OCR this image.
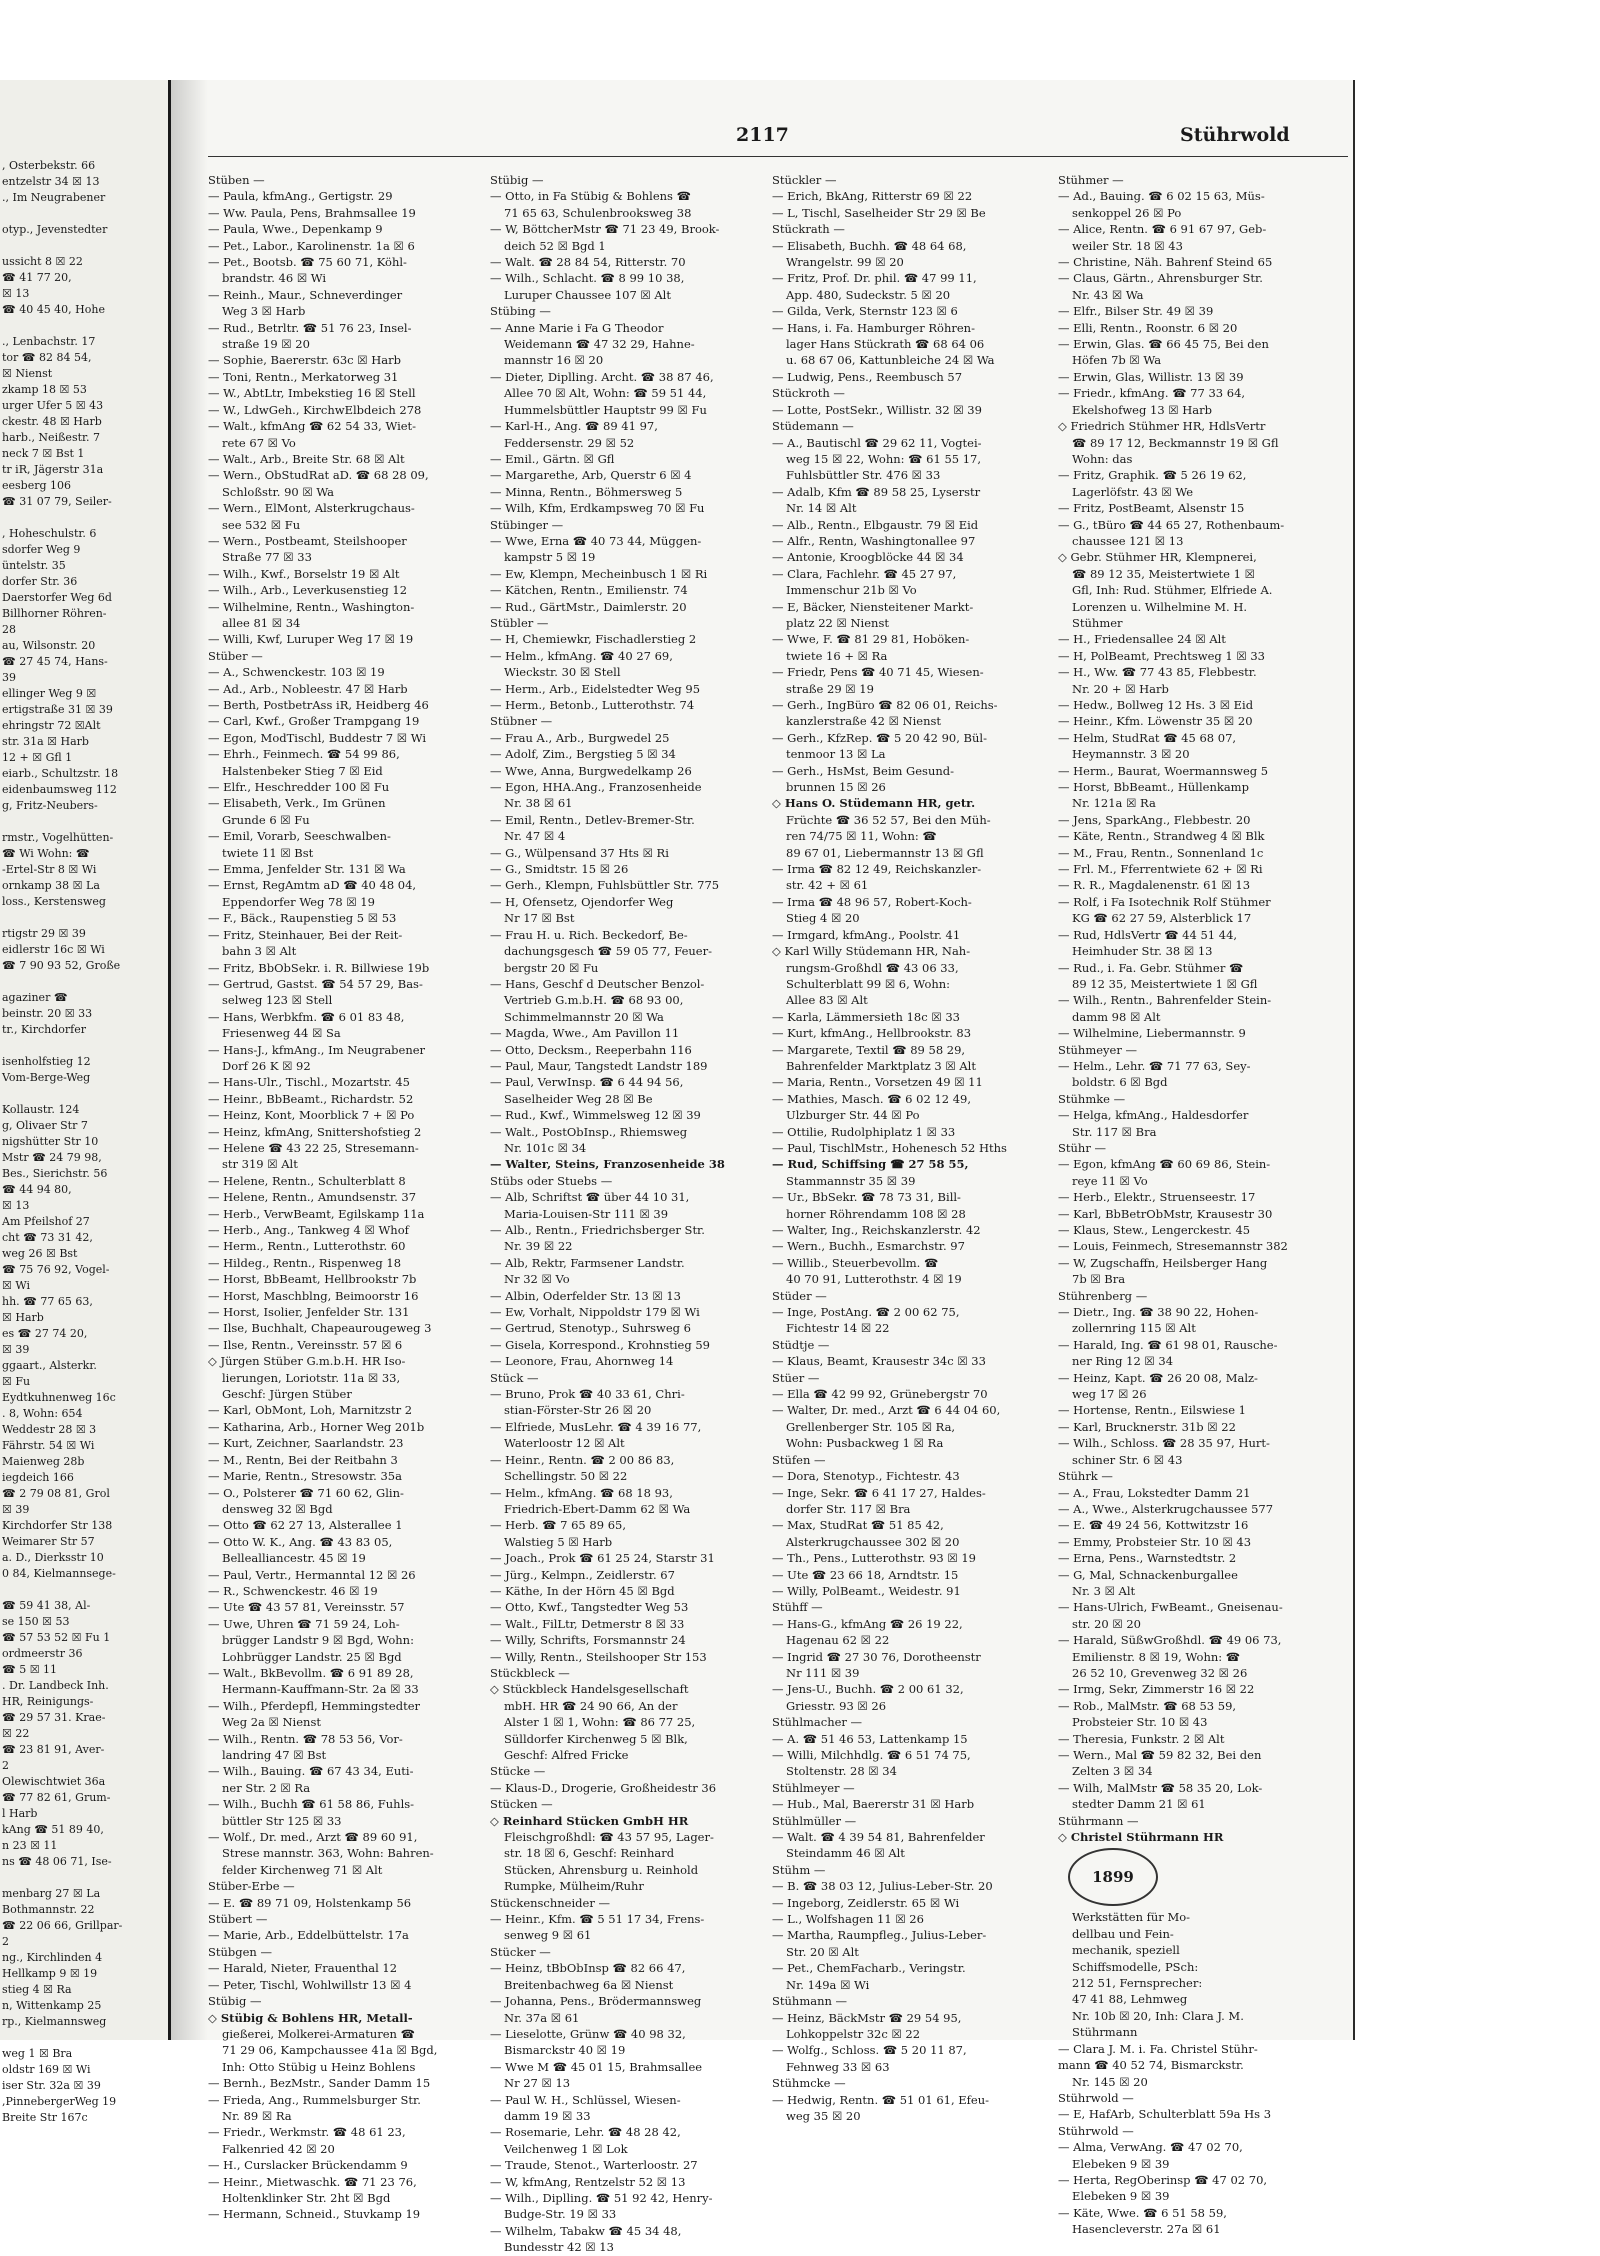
, Osterbekstr. 66
entzelstr 34 ☒ 13
., Im Neugrabener

otyp., Jevenstedter

ussicht 8 ☒ 22
☎ 41 77 20,
☒ 13
☎ 40 45 40, Hohe

., Lenbachstr. 17
tor ☎ 82 84 54,
☒ Nienst
zkamp 18 ☒ 53
urger Ufer 5 ☒ 43
ckestr. 48 ☒ Harb
harb., Neißestr. 7
neck 7 ☒ Bst 1
tr iR, Jägerstr 31a
eesberg 106
☎ 31 07 79, Seiler-

, Hoheschulstr. 6
sdorfer Weg 9
üntelstr. 35
dorfer Str. 36
Daerstorfer Weg 6d
Billhorner Röhren-
28
au, Wilsonstr. 20
☎ 27 45 74, Hans-
39
ellinger Weg 9 ☒
ertigstraße 31 ☒ 39
ehringstr 72 ☒Alt
str. 31a ☒ Harb
12 + ☒ Gfl 1
eiarb., Schultzstr. 18
eidenbaumsweg 112
g, Fritz-Neubers-

rmstr., Vogelhütten-
☎ Wi Wohn: ☎
-Ertel-Str 8 ☒ Wi
ornkamp 38 ☒ La
loss., Kerstensweg

rtigstr 29 ☒ 39
eidlerstr 16c ☒ Wi
☎ 7 90 93 52, Große

agaziner ☎
beinstr. 20 ☒ 33
tr., Kirchdorfer

isenholfstieg 12
Vom-Berge-Weg

Kollaustr. 124
g, Olivaer Str 7
nigshütter Str 10
Mstr ☎ 24 79 98,
Bes., Sierichstr. 56
☎ 44 94 80,
☒ 13
Am Pfeilshof 27
cht ☎ 73 31 42,
weg 26 ☒ Bst
☎ 75 76 92, Vogel-
☒ Wi
hh. ☎ 77 65 63,
☒ Harb
es ☎ 27 74 20,
☒ 39
ggaart., Alsterkr.
☒ Fu
Eydtkuhnenweg 16c
. 8, Wohn: 654
Weddestr 28 ☒ 3
Fährstr. 54 ☒ Wi
Maienweg 28b
iegdeich 166
☎ 2 79 08 81, Grol
☒ 39
Kirchdorfer Str 138
Weimarer Str 57
a. D., Dierksstr 10
0 84, Kielmannsege-

☎ 59 41 38, Al-
se 150 ☒ 53
☎ 57 53 52 ☒ Fu 1
ordmeerstr 36
☎ 5 ☒ 11
. Dr. Landbeck Inh.
HR, Reinigungs-
☎ 29 57 31. Krae-
☒ 22
☎ 23 81 91, Aver-
2
Olewischtwiet 36a
☎ 77 82 61, Grum-
l Harb
kAng ☎ 51 89 40,
n 23 ☒ 11
ns ☎ 48 06 71, Ise-

menbarg 27 ☒ La
Bothmannstr. 22
☎ 22 06 66, Grillpar-
2
ng., Kirchlinden 4
Hellkamp 9 ☒ 19
stieg 4 ☒ Ra
n, Wittenkamp 25
rp., Kielmannsweg

weg 1 ☒ Bra
oldstr 169 ☒ Wi
iser Str. 32a ☒ 39
,PinnebergerWeg 19
Breite Str 167c
2117	Stührwold
Stüben —
— Paula, kfmAng., Gertigstr. 29
— Ww. Paula, Pens, Brahmsallee 19
— Paula, Wwe., Depenkamp 9
— Pet., Labor., Karolinenstr. 1a ☒ 6
— Pet., Bootsb. ☎ 75 60 71, Köhl-
brandstr. 46 ☒ Wi
— Reinh., Maur., Schneverdinger
Weg 3 ☒ Harb
— Rud., Betrltr. ☎ 51 76 23, Insel-
straße 19 ☒ 20
— Sophie, Baererstr. 63c ☒ Harb
— Toni, Rentn., Merkatorweg 31
— W., AbtLtr, Imbekstieg 16 ☒ Stell
— W., LdwGeh., KirchwElbdeich 278
— Walt., kfmAng ☎ 62 54 33, Wiet-
rete 67 ☒ Vo
— Walt., Arb., Breite Str. 68 ☒ Alt
— Wern., ObStudRat aD. ☎ 68 28 09,
Schloßstr. 90 ☒ Wa
— Wern., ElMont, Alsterkrugchaus-
see 532 ☒ Fu
— Wern., Postbeamt, Steilshooper
Straße 77 ☒ 33
— Wilh., Kwf., Borselstr 19 ☒ Alt
— Wilh., Arb., Leverkusenstieg 12
— Wilhelmine, Rentn., Washington-
allee 81 ☒ 34
— Willi, Kwf, Luruper Weg 17 ☒ 19
Stüber —
— A., Schwenckestr. 103 ☒ 19
— Ad., Arb., Nobleestr. 47 ☒ Harb
— Berth, PostbetrAss iR, Heidberg 46
— Carl, Kwf., Großer Trampgang 19
— Egon, ModTischl, Buddestr 7 ☒ Wi
— Ehrh., Feinmech. ☎ 54 99 86,
Halstenbeker Stieg 7 ☒ Eid
— Elfr., Heschredder 100 ☒ Fu
— Elisabeth, Verk., Im Grünen
Grunde 6 ☒ Fu
— Emil, Vorarb, Seeschwalben-
twiete 11 ☒ Bst
— Emma, Jenfelder Str. 131 ☒ Wa
— Ernst, RegAmtm aD ☎ 40 48 04,
Eppendorfer Weg 78 ☒ 19
— F., Bäck., Raupenstieg 5 ☒ 53
— Fritz, Steinhauer, Bei der Reit-
bahn 3 ☒ Alt
— Fritz, BbObSekr. i. R. Billwiese 19b
— Gertrud, Gastst. ☎ 54 57 29, Bas-
selweg 123 ☒ Stell
— Hans, Werbkfm. ☎ 6 01 83 48,
Friesenweg 44 ☒ Sa
— Hans-J., kfmAng., Im Neugrabener
Dorf 26 K ☒ 92
— Hans-Ulr., Tischl., Mozartstr. 45
— Heinr., BbBeamt., Richardstr. 52
— Heinz, Kont, Moorblick 7 + ☒ Po
— Heinz, kfmAng, Snittershofstieg 2
— Helene ☎ 43 22 25, Stresemann-
str 319 ☒ Alt
— Helene, Rentn., Schulterblatt 8
— Helene, Rentn., Amundsenstr. 37
— Herb., VerwBeamt, Egilskamp 11a
— Herb., Ang., Tankweg 4 ☒ Whof
— Herm., Rentn., Lutterothstr. 60
— Hildeg., Rentn., Rispenweg 18
— Horst, BbBeamt, Hellbrookstr 7b
— Horst, Maschblng, Beimoorstr 16
— Horst, Isolier, Jenfelder Str. 131
— Ilse, Buchhalt, Chapeaurougeweg 3
— Ilse, Rentn., Vereinsstr. 57 ☒ 6
◇ Jürgen Stüber G.m.b.H. HR Iso-
lierungen, Loriotstr. 11a ☒ 33,
Geschf: Jürgen Stüber
— Karl, ObMont, Loh, Marnitzstr 2
— Katharina, Arb., Horner Weg 201b
— Kurt, Zeichner, Saarlandstr. 23
— M., Rentn, Bei der Reitbahn 3
— Marie, Rentn., Stresowstr. 35a
— O., Polsterer ☎ 71 60 62, Glin-
densweg 32 ☒ Bgd
— Otto ☎ 62 27 13, Alsterallee 1
— Otto W. K., Ang. ☎ 43 83 05,
Bellealliancestr. 45 ☒ 19
— Paul, Vertr., Hermanntal 12 ☒ 26
— R., Schwenckestr. 46 ☒ 19
— Ute ☎ 43 57 81, Vereinsstr. 57
— Uwe, Uhren ☎ 71 59 24, Loh-
brügger Landstr 9 ☒ Bgd, Wohn:
Lohbrügger Landstr. 25 ☒ Bgd
— Walt., BkBevollm. ☎ 6 91 89 28,
Hermann-Kauffmann-Str. 2a ☒ 33
— Wilh., Pferdepfl, Hemmingstedter
Weg 2a ☒ Nienst
— Wilh., Rentn. ☎ 78 53 56, Vor-
landring 47 ☒ Bst
— Wilh., Bauing. ☎ 67 43 34, Euti-
ner Str. 2 ☒ Ra
— Wilh., Buchh ☎ 61 58 86, Fuhls-
büttler Str 125 ☒ 33
— Wolf., Dr. med., Arzt ☎ 89 60 91,
Strese mannstr. 363, Wohn: Bahren-
felder Kirchenweg 71 ☒ Alt
Stüber-Erbe —
— E. ☎ 89 71 09, Holstenkamp 56
Stübert —
— Marie, Arb., Eddelbüttelstr. 17a
Stübgen —
— Harald, Nieter, Frauenthal 12
— Peter, Tischl, Wohlwillstr 13 ☒ 4
Stübig —
◇ Stübig & Bohlens HR, Metall-
gießerei, Molkerei-Armaturen ☎
71 29 06, Kampchaussee 41a ☒ Bgd,
Inh: Otto Stübig u Heinz Bohlens
— Bernh., BezMstr., Sander Damm 15
— Frieda, Ang., Rummelsburger Str.
Nr. 89 ☒ Ra
— Friedr., Werkmstr. ☎ 48 61 23,
Falkenried 42 ☒ 20
— H., Curslacker Brückendamm 9
— Heinr., Mietwaschk. ☎ 71 23 76,
Holtenklinker Str. 2ht ☒ Bgd
— Hermann, Schneid., Stuvkamp 19
Stübig —
— Otto, in Fa Stübig & Bohlens ☎
71 65 63, Schulenbrooksweg 38
— W, BöttcherMstr ☎ 71 23 49, Brook-
deich 52 ☒ Bgd 1
— Walt. ☎ 28 84 54, Ritterstr. 70
— Wilh., Schlacht. ☎ 8 99 10 38,
Luruper Chaussee 107 ☒ Alt
Stübing —
— Anne Marie i Fa G Theodor
Weidemann ☎ 47 32 29, Hahne-
mannstr 16 ☒ 20
— Dieter, Diplling. Archt. ☎ 38 87 46,
Allee 70 ☒ Alt, Wohn: ☎ 59 51 44,
Hummelsbüttler Hauptstr 99 ☒ Fu
— Karl-H., Ang. ☎ 89 41 97,
Feddersenstr. 29 ☒ 52
— Emil., Gärtn. ☒ Gfl
— Margarethe, Arb, Querstr 6 ☒ 4
— Minna, Rentn., Böhmersweg 5
— Wilh, Kfm, Erdkampsweg 70 ☒ Fu
Stübinger —
— Wwe, Erna ☎ 40 73 44, Müggen-
kampstr 5 ☒ 19
— Ew, Klempn, Mecheinbusch 1 ☒ Ri
— Kätchen, Rentn., Emilienstr. 74
— Rud., GärtMstr., Daimlerstr. 20
Stübler —
— H, Chemiewkr, Fischadlerstieg 2
— Helm., kfmAng. ☎ 40 27 69,
Wieckstr. 30 ☒ Stell
— Herm., Arb., Eidelstedter Weg 95
— Herm., Betonb., Lutterothstr. 74
Stübner —
— Frau A., Arb., Burgwedel 25
— Adolf, Zim., Bergstieg 5 ☒ 34
— Wwe, Anna, Burgwedelkamp 26
— Egon, HHA.Ang., Franzosenheide
Nr. 38 ☒ 61
— Emil, Rentn., Detlev-Bremer-Str.
Nr. 47 ☒ 4
— G., Wülpensand 37 Hts ☒ Ri
— G., Smidtstr. 15 ☒ 26
— Gerh., Klempn, Fuhlsbüttler Str. 775
— H, Ofensetz, Ojendorfer Weg
Nr 17 ☒ Bst
— Frau H. u. Rich. Beckedorf, Be-
dachungsgesch ☎ 59 05 77, Feuer-
bergstr 20 ☒ Fu
— Hans, Geschf d Deutscher Benzol-
Vertrieb G.m.b.H. ☎ 68 93 00,
Schimmelmannstr 20 ☒ Wa
— Magda, Wwe., Am Pavillon 11
— Otto, Decksm., Reeperbahn 116
— Paul, Maur, Tangstedt Landstr 189
— Paul, VerwInsp. ☎ 6 44 94 56,
Saselheider Weg 28 ☒ Be
— Rud., Kwf., Wimmelsweg 12 ☒ 39
— Walt., PostObInsp., Rhiemsweg
Nr. 101c ☒ 34
— Walter, Steins, Franzosenheide 38
Stübs oder Stuebs —
— Alb, Schriftst ☎ über 44 10 31,
Maria-Louisen-Str 111 ☒ 39
— Alb., Rentn., Friedrichsberger Str.
Nr. 39 ☒ 22
— Alb, Rektr, Farmsener Landstr.
Nr 32 ☒ Vo
— Albin, Oderfelder Str. 13 ☒ 13
— Ew, Vorhalt, Nippoldstr 179 ☒ Wi
— Gertrud, Stenotyp., Suhrsweg 6
— Gisela, Korrespond., Krohnstieg 59
— Leonore, Frau, Ahornweg 14
Stück —
— Bruno, Prok ☎ 40 33 61, Chri-
stian-Förster-Str 26 ☒ 20
— Elfriede, MusLehr. ☎ 4 39 16 77,
Waterloostr 12 ☒ Alt
— Heinr., Rentn. ☎ 2 00 86 83,
Schellingstr. 50 ☒ 22
— Helm., kfmAng. ☎ 68 18 93,
Friedrich-Ebert-Damm 62 ☒ Wa
— Herb. ☎ 7 65 89 65,
Walstieg 5 ☒ Harb
— Joach., Prok ☎ 61 25 24, Starstr 31
— Jürg., Kelmpn., Zeidlerstr. 67
— Käthe, In der Hörn 45 ☒ Bgd
— Otto, Kwf., Tangstedter Weg 53
— Walt., FilLtr, Detmerstr 8 ☒ 33
— Willy, Schrifts, Forsmannstr 24
— Willy, Rentn., Steilshooper Str 153
Stückbleck —
◇ Stückbleck Handelsgesellschaft
mbH. HR ☎ 24 90 66, An der
Alster 1 ☒ 1, Wohn: ☎ 86 77 25,
Sülldorfer Kirchenweg 5 ☒ Blk,
Geschf: Alfred Fricke
Stücke —
— Klaus-D., Drogerie, Großheidestr 36
Stücken —
◇ Reinhard Stücken GmbH HR
Fleischgroßhdl: ☎ 43 57 95, Lager-
str. 18 ☒ 6, Geschf: Reinhard
Stücken, Ahrensburg u. Reinhold
Rumpke, Mülheim/Ruhr
Stückenschneider —
— Heinr., Kfm. ☎ 5 51 17 34, Frens-
senweg 9 ☒ 61
Stücker —
— Heinz, tBbObInsp ☎ 82 66 47,
Breitenbachweg 6a ☒ Nienst
— Johanna, Pens., Brödermannsweg
Nr. 37a ☒ 61
— Lieselotte, Grünw ☎ 40 98 32,
Bismarckstr 40 ☒ 19
— Wwe M ☎ 45 01 15, Brahmsallee
Nr 27 ☒ 13
— Paul W. H., Schlüssel, Wiesen-
damm 19 ☒ 33
— Rosemarie, Lehr. ☎ 48 28 42,
Veilchenweg 1 ☒ Lok
— Traude, Stenot., Warterloostr. 27
— W, kfmAng, Rentzelstr 52 ☒ 13
— Wilh., Diplling. ☎ 51 92 42, Henry-
Budge-Str. 19 ☒ 33
— Wilhelm, Tabakw ☎ 45 34 48,
Bundesstr 42 ☒ 13
Stückler —
— Erich, BkAng, Ritterstr 69 ☒ 22
— L, Tischl, Saselheider Str 29 ☒ Be
Stückrath —
— Elisabeth, Buchh. ☎ 48 64 68,
Wrangelstr. 99 ☒ 20
— Fritz, Prof. Dr. phil. ☎ 47 99 11,
App. 480, Sudeckstr. 5 ☒ 20
— Gilda, Verk, Sternstr 123 ☒ 6
— Hans, i. Fa. Hamburger Röhren-
lager Hans Stückrath ☎ 68 64 06
u. 68 67 06, Kattunbleiche 24 ☒ Wa
— Ludwig, Pens., Reembusch 57
Stückroth —
— Lotte, PostSekr., Willistr. 32 ☒ 39
Stüdemann —
— A., Bautischl ☎ 29 62 11, Vogtei-
weg 15 ☒ 22, Wohn: ☎ 61 55 17,
Fuhlsbüttler Str. 476 ☒ 33
— Adalb, Kfm ☎ 89 58 25, Lyserstr
Nr. 14 ☒ Alt
— Alb., Rentn., Elbgaustr. 79 ☒ Eid
— Alfr., Rentn, Washingtonallee 97
— Antonie, Kroogblöcke 44 ☒ 34
— Clara, Fachlehr. ☎ 45 27 97,
Immenschur 21b ☒ Vo
— E, Bäcker, Niensteitener Markt-
platz 22 ☒ Nienst
— Wwe, F. ☎ 81 29 81, Hoböken-
twiete 16 + ☒ Ra
— Friedr, Pens ☎ 40 71 45, Wiesen-
straße 29 ☒ 19
— Gerh., IngBüro ☎ 82 06 01, Reichs-
kanzlerstraße 42 ☒ Nienst
— Gerh., KfzRep. ☎ 5 20 42 90, Bül-
tenmoor 13 ☒ La
— Gerh., HsMst, Beim Gesund-
brunnen 15 ☒ 26
◇ Hans O. Stüdemann HR, getr.
Früchte ☎ 36 52 57, Bei den Müh-
ren 74/75 ☒ 11, Wohn: ☎
89 67 01, Liebermannstr 13 ☒ Gfl
— Irma ☎ 82 12 49, Reichskanzler-
str. 42 + ☒ 61
— Irma ☎ 48 96 57, Robert-Koch-
Stieg 4 ☒ 20
— Irmgard, kfmAng., Poolstr. 41
◇ Karl Willy Stüdemann HR, Nah-
rungsm-Großhdl ☎ 43 06 33,
Schulterblatt 99 ☒ 6, Wohn:
Allee 83 ☒ Alt
— Karla, Lämmersieth 18c ☒ 33
— Kurt, kfmAng., Hellbrookstr. 83
— Margarete, Textil ☎ 89 58 29,
Bahrenfelder Marktplatz 3 ☒ Alt
— Maria, Rentn., Vorsetzen 49 ☒ 11
— Mathies, Masch. ☎ 6 02 12 49,
Ulzburger Str. 44 ☒ Po
— Ottilie, Rudolphiplatz 1 ☒ 33
— Paul, TischlMstr., Hohenesch 52 Hths
— Rud, Schiffsing ☎ 27 58 55,
Stammannstr 35 ☒ 39
— Ur., BbSekr. ☎ 78 73 31, Bill-
horner Röhrendamm 108 ☒ 28
— Walter, Ing., Reichskanzlerstr. 42
— Wern., Buchh., Esmarchstr. 97
— Willib., Steuerbevollm. ☎
40 70 91, Lutterothstr. 4 ☒ 19
Stüder —
— Inge, PostAng. ☎ 2 00 62 75,
Fichtestr 14 ☒ 22
Stüdtje —
— Klaus, Beamt, Krausestr 34c ☒ 33
Stüer —
— Ella ☎ 42 99 92, Grünebergstr 70
— Walter, Dr. med., Arzt ☎ 6 44 04 60,
Grellenberger Str. 105 ☒ Ra,
Wohn: Pusbackweg 1 ☒ Ra
Stüfen —
— Dora, Stenotyp., Fichtestr. 43
— Inge, Sekr. ☎ 6 41 17 27, Haldes-
dorfer Str. 117 ☒ Bra
— Max, StudRat ☎ 51 85 42,
Alsterkrugchaussee 302 ☒ 20
— Th., Pens., Lutterothstr. 93 ☒ 19
— Ute ☎ 23 66 18, Arndtstr. 15
— Willy, PolBeamt., Weidestr. 91
Stühff —
— Hans-G., kfmAng ☎ 26 19 22,
Hagenau 62 ☒ 22
— Ingrid ☎ 27 30 76, Dorotheenstr
Nr 111 ☒ 39
— Jens-U., Buchh. ☎ 2 00 61 32,
Griesstr. 93 ☒ 26
Stühlmacher —
— A. ☎ 51 46 53, Lattenkamp 15
— Willi, Milchhdlg. ☎ 6 51 74 75,
Stoltenstr. 28 ☒ 34
Stühlmeyer —
— Hub., Mal, Baererstr 31 ☒ Harb
Stühlmüller —
— Walt. ☎ 4 39 54 81, Bahrenfelder
Steindamm 46 ☒ Alt
Stühm —
— B. ☎ 38 03 12, Julius-Leber-Str. 20
— Ingeborg, Zeidlerstr. 65 ☒ Wi
— L., Wolfshagen 11 ☒ 26
— Martha, Raumpfleg., Julius-Leber-
Str. 20 ☒ Alt
— Pet., ChemFacharb., Veringstr.
Nr. 149a ☒ Wi
Stühmann —
— Heinz, BäckMstr ☎ 29 54 95,
Lohkoppelstr 32c ☒ 22
— Wolfg., Schloss. ☎ 5 20 11 87,
Fehnweg 33 ☒ 63
Stühmcke —
— Hedwig, Rentn. ☎ 51 01 61, Efeu-
weg 35 ☒ 20
Stühmer —
— Ad., Bauing. ☎ 6 02 15 63, Müs-
senkoppel 26 ☒ Po
— Alice, Rentn. ☎ 6 91 67 97, Geb-
weiler Str. 18 ☒ 43
— Christine, Näh. Bahrenf Steind 65
— Claus, Gärtn., Ahrensburger Str.
Nr. 43 ☒ Wa
— Elfr., Bilser Str. 49 ☒ 39
— Elli, Rentn., Roonstr. 6 ☒ 20
— Erwin, Glas. ☎ 66 45 75, Bei den
Höfen 7b ☒ Wa
— Erwin, Glas, Willistr. 13 ☒ 39
— Friedr., kfmAng. ☎ 77 33 64,
Ekelshofweg 13 ☒ Harb
◇ Friedrich Stühmer HR, HdlsVertr
☎ 89 17 12, Beckmannstr 19 ☒ Gfl
Wohn: das
— Fritz, Graphik. ☎ 5 26 19 62,
Lagerlöfstr. 43 ☒ We
— Fritz, PostBeamt, Alsenstr 15
— G., tBüro ☎ 44 65 27, Rothenbaum-
chaussee 121 ☒ 13
◇ Gebr. Stühmer HR, Klempnerei,
☎ 89 12 35, Meistertwiete 1 ☒
Gfl, Inh: Rud. Stühmer, Elfriede A.
Lorenzen u. Wilhelmine M. H.
Stühmer
— H., Friedensallee 24 ☒ Alt
— H, PolBeamt, Prechtsweg 1 ☒ 33
— H., Ww. ☎ 77 43 85, Flebbestr.
Nr. 20 + ☒ Harb
— Hedw., Bollweg 12 Hs. 3 ☒ Eid
— Heinr., Kfm. Löwenstr 35 ☒ 20
— Helm, StudRat ☎ 45 68 07,
Heymannstr. 3 ☒ 20
— Herm., Baurat, Woermannsweg 5
— Horst, BbBeamt., Hüllenkamp
Nr. 121a ☒ Ra
— Jens, SparkAng., Flebbestr. 20
— Käte, Rentn., Strandweg 4 ☒ Blk
— M., Frau, Rentn., Sonnenland 1c
— Frl. M., Fferrentwiete 62 + ☒ Ri
— R. R., Magdalenenstr. 61 ☒ 13
— Rolf, i Fa Isotechnik Rolf Stühmer
KG ☎ 62 27 59, Alsterblick 17
— Rud, HdlsVertr ☎ 44 51 44,
Heimhuder Str. 38 ☒ 13
— Rud., i. Fa. Gebr. Stühmer ☎
89 12 35, Meistertwiete 1 ☒ Gfl
— Wilh., Rentn., Bahrenfelder Stein-
damm 98 ☒ Alt
— Wilhelmine, Liebermannstr. 9
Stühmeyer —
— Helm., Lehr. ☎ 71 77 63, Sey-
boldstr. 6 ☒ Bgd
Stühmke —
— Helga, kfmAng., Haldesdorfer
Str. 117 ☒ Bra
Stühr —
— Egon, kfmAng ☎ 60 69 86, Stein-
reye 11 ☒ Vo
— Herb., Elektr., Struenseestr. 17
— Karl, BbBetrObMstr, Krausestr 30
— Klaus, Stew., Lengerckestr. 45
— Louis, Feinmech, Stresemannstr 382
— W, Zugschaffn, Heilsberger Hang
7b ☒ Bra
Stührenberg —
— Dietr., Ing. ☎ 38 90 22, Hohen-
zollernring 115 ☒ Alt
— Harald, Ing. ☎ 61 98 01, Rausche-
ner Ring 12 ☒ 34
— Heinz, Kapt. ☎ 26 20 08, Malz-
weg 17 ☒ 26
— Hortense, Rentn., Eilswiese 1
— Karl, Brucknerstr. 31b ☒ 22
— Wilh., Schloss. ☎ 28 35 97, Hurt-
schiner Str. 6 ☒ 43
Stührk —
— A., Frau, Lokstedter Damm 21
— A., Wwe., Alsterkrugchaussee 577
— E. ☎ 49 24 56, Kottwitzstr 16
— Emmy, Probsteier Str. 10 ☒ 43
— Erna, Pens., Warnstedtstr. 2
— G, Mal, Schnackenburgallee
Nr. 3 ☒ Alt
— Hans-Ulrich, FwBeamt., Gneisenau-
str. 20 ☒ 20
— Harald, SüßwGroßhdl. ☎ 49 06 73,
Emilienstr. 8 ☒ 19, Wohn: ☎
26 52 10, Grevenweg 32 ☒ 26
— Irmg, Sekr, Zimmerstr 16 ☒ 22
— Rob., MalMstr. ☎ 68 53 59,
Probsteier Str. 10 ☒ 43
— Theresia, Funkstr. 2 ☒ Alt
— Wern., Mal ☎ 59 82 32, Bei den
Zelten 3 ☒ 34
— Wilh, MalMstr ☎ 58 35 20, Lok-
stedter Damm 21 ☒ 61
Stührmann —
◇ Christel Stührmann HR
1899
Werkstätten für Mo-
dellbau und Fein-
mechanik, speziell
Schiffsmodelle, PSch:
212 51, Fernsprecher:
47 41 88, Lehmweg
Nr. 10b ☒ 20, Inh: Clara J. M.
Stührmann
— Clara J. M. i. Fa. Christel Stühr-
mann ☎ 40 52 74, Bismarckstr.
Nr. 145 ☒ 20
Stührwold —
— E, HafArb, Schulterblatt 59a Hs 3
Stührwold —
— Alma, VerwAng. ☎ 47 02 70,
Elebeken 9 ☒ 39
— Herta, RegOberinsp ☎ 47 02 70,
Elebeken 9 ☒ 39
— Käte, Wwe. ☎ 6 51 58 59,
Hasencleverstr. 27a ☒ 61
